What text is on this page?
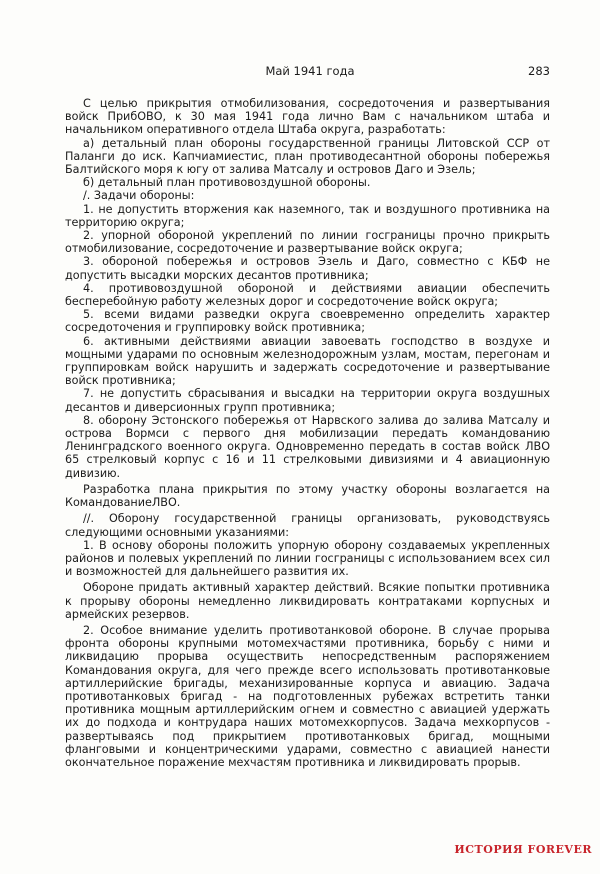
Май 1941 года	283

С целью прикрытия отмобилизования, сосредоточения и развертывания войск ПрибОВО, к 30 мая 1941 года лично Вам с начальником штаба и начальником оперативного отдела Штаба округа, разработать:

а) детальный план обороны государственной границы Литовской ССР от Паланги до иск. Капчиамиестис, план противодесантной обороны побережья Балтийского моря к югу от залива Матсалу и островов Даго и Эзель;

б) детальный план противовоздушной обороны.

/. Задачи обороны:

1. не допустить вторжения как наземного, так и воздушного противника на территорию округа;

2. упорной обороной укреплений по линии госграницы прочно прикрыть отмобилизование, сосредоточение и развертывание войск округа;

3. обороной побережья и островов Эзель и Даго, совместно с КБФ не допустить высадки морских десантов противника;

4. противовоздушной обороной и действиями авиации обеспечить бесперебойную работу железных дорог и сосредоточение войск округа;

5. всеми видами разведки округа своевременно определить характер сосредоточения и группировку войск противника;

6. активными действиями авиации завоевать господство в воздухе и мощными ударами по основным железнодорожным узлам, мостам, перегонам и группировкам войск нарушить и задержать сосредоточение и развертывание войск противника;

7. не допустить сбрасывания и высадки на территории округа воздушных десантов и диверсионных групп противника;

8. оборону Эстонского побережья от Нарвского залива до залива Матсалу и острова Вормси с первого дня мобилизации передать командованию Ленинградского военного округа. Одновременно передать в состав войск ЛВО 65 стрелковый корпус с 16 и 11 стрелковыми дивизиями и 4 авиационную дивизию.

Разработка плана прикрытия по этому участку обороны возлагается на КомандованиеЛВО.

//. Оборону государственной границы организовать, руководствуясь следующими основными указаниями:

1. В основу обороны положить упорную оборону создаваемых укрепленных районов и полевых укреплений по линии госграницы с использованием всех сил и возможностей для дальнейшего развития их.

Обороне придать активный характер действий. Всякие попытки противника к прорыву обороны немедленно ликвидировать контратаками корпусных и армейских резервов.

2. Особое внимание уделить противотанковой обороне. В случае прорыва фронта обороны крупными мотомехчастями противника, борьбу с ними и ликвидацию прорыва осуществить непосредственным распоряжением Командования округа, для чего прежде всего использовать противотанковые артиллерийские бригады, механизированные корпуса и авиацию. Задача противотанковых бригад - на подготовленных рубежах встретить танки противника мощным артиллерийским огнем и совместно с авиацией удержать их до подхода и контрудара наших мотомехкорпусов. Задача мехкорпусов - развертываясь под прикрытием противотанковых бригад, мощными фланговыми и концентрическими ударами, совместно с авиацией нанести окончательное поражение мехчастям противника и ликвидировать прорыв.

ИСТОРИЯ FOREVER
